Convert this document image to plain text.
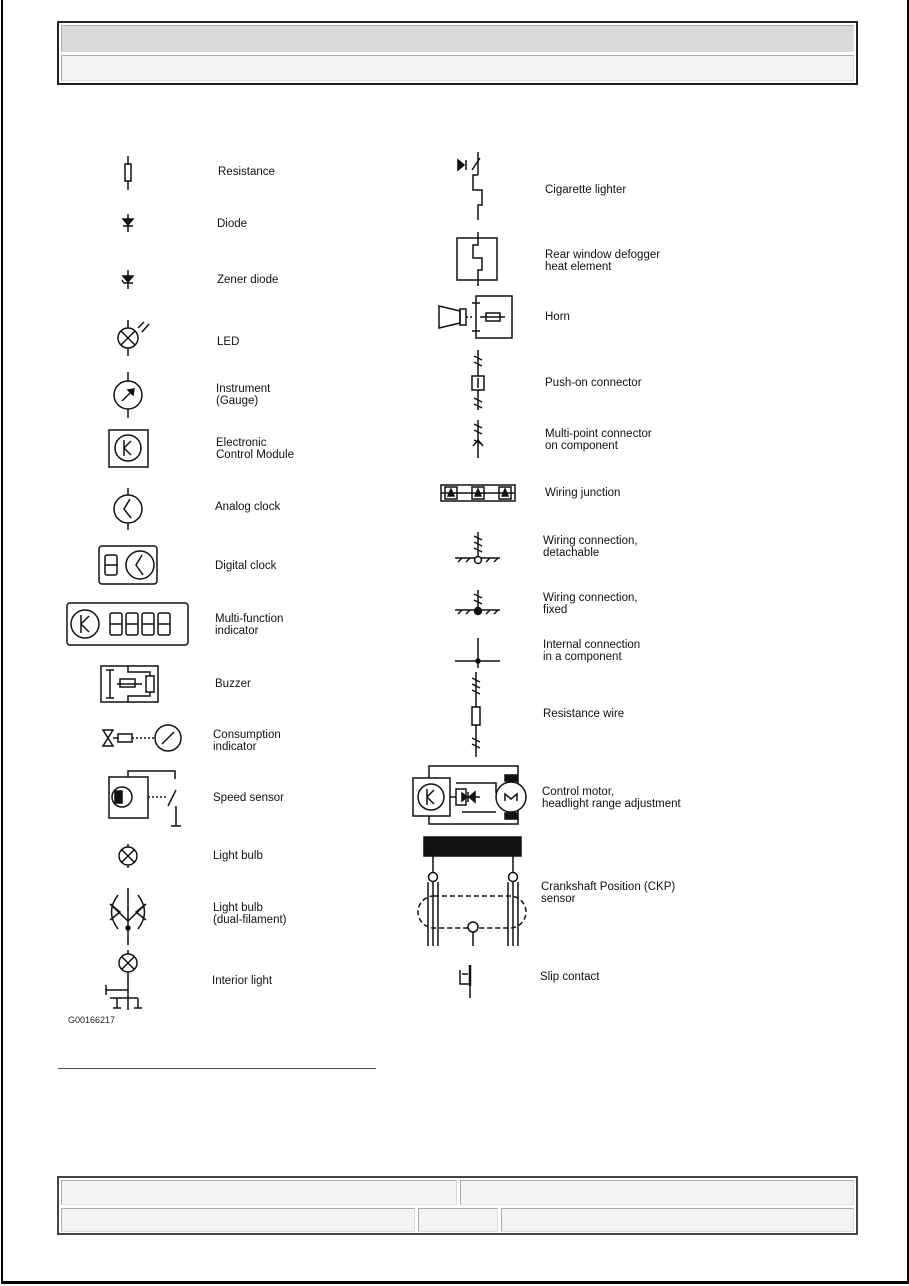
Resistance
Diode
Zener diode
LED
Instrument
(Gauge)
Electronic
Control Module
Analog clock
Digital clock
Multi-function
indicator
Buzzer
Consumption
indicator
Speed sensor
Light bulb
Light bulb
(dual-filament)
Interior light
Cigarette lighter
Rear window defogger
heat element
Horn
Push-on connector
Multi-point connector
on component
Wiring junction
Wiring connection,
detachable
Wiring connection,
fixed
Internal connection
in a component
Resistance wire
Control motor,
headlight range adjustment
Crankshaft Position (CKP)
sensor
Slip contact
G00166217
